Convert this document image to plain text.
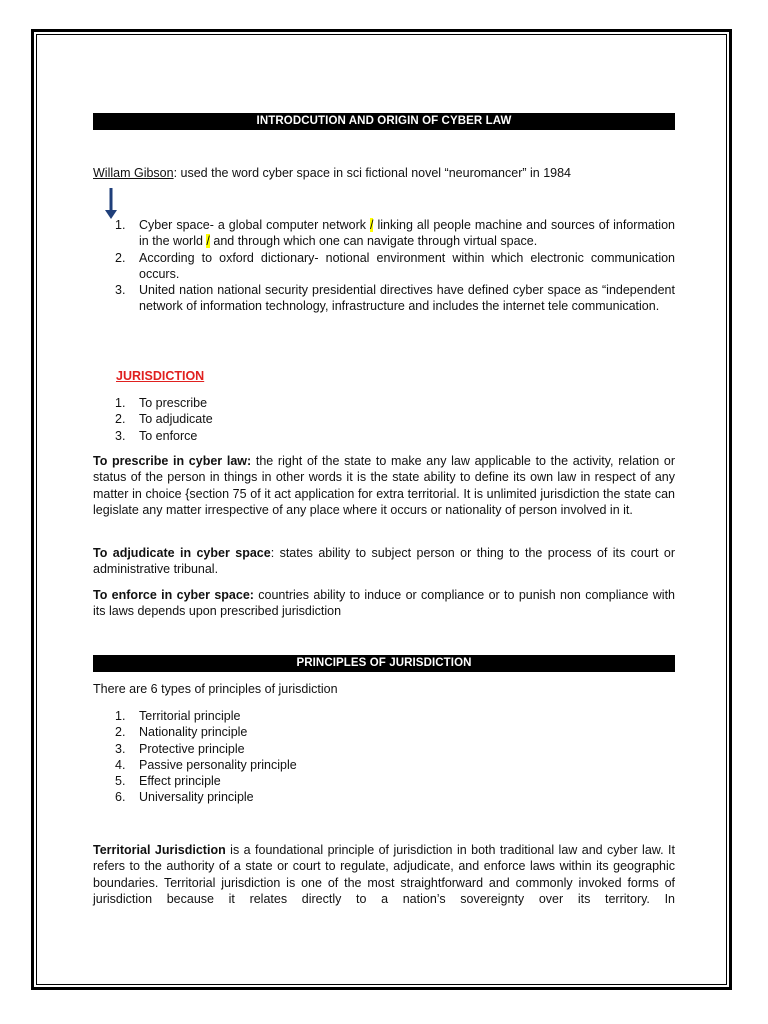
INTRODCUTION AND ORIGIN OF CYBER LAW
Willam Gibson: used the word cyber space in sci fictional novel “neuromancer” in 1984
1. Cyber space- a global computer network / linking all people machine and sources of information in the world / and through which one can navigate through virtual space.
2. According to oxford dictionary- notional environment within which electronic communication occurs.
3. United nation national security presidential directives have defined cyber space as “independent network of information technology, infrastructure and includes the internet tele communication.
JURISDICTION
1. To prescribe
2. To adjudicate
3. To enforce
To prescribe in cyber law: the right of the state to make any law applicable to the activity, relation or status of the person in things in other words it is the state ability to define its own law in respect of any matter in choice {section 75 of it act application for extra territorial. It is unlimited jurisdiction the state can legislate any matter irrespective of any place where it occurs or nationality of person involved in it.
To adjudicate in cyber space: states ability to subject person or thing to the process of its court or administrative tribunal.
To enforce in cyber space: countries ability to induce or compliance or to punish non compliance with its laws depends upon prescribed jurisdiction
PRINCIPLES OF JURISDICTION
There are 6 types of principles of jurisdiction
1. Territorial principle
2. Nationality principle
3. Protective principle
4. Passive personality principle
5. Effect principle
6. Universality principle
Territorial Jurisdiction is a foundational principle of jurisdiction in both traditional law and cyber law. It refers to the authority of a state or court to regulate, adjudicate, and enforce laws within its geographic boundaries. Territorial jurisdiction is one of the most straightforward and commonly invoked forms of jurisdiction because it relates directly to a nation’s sovereignty over its territory. In
